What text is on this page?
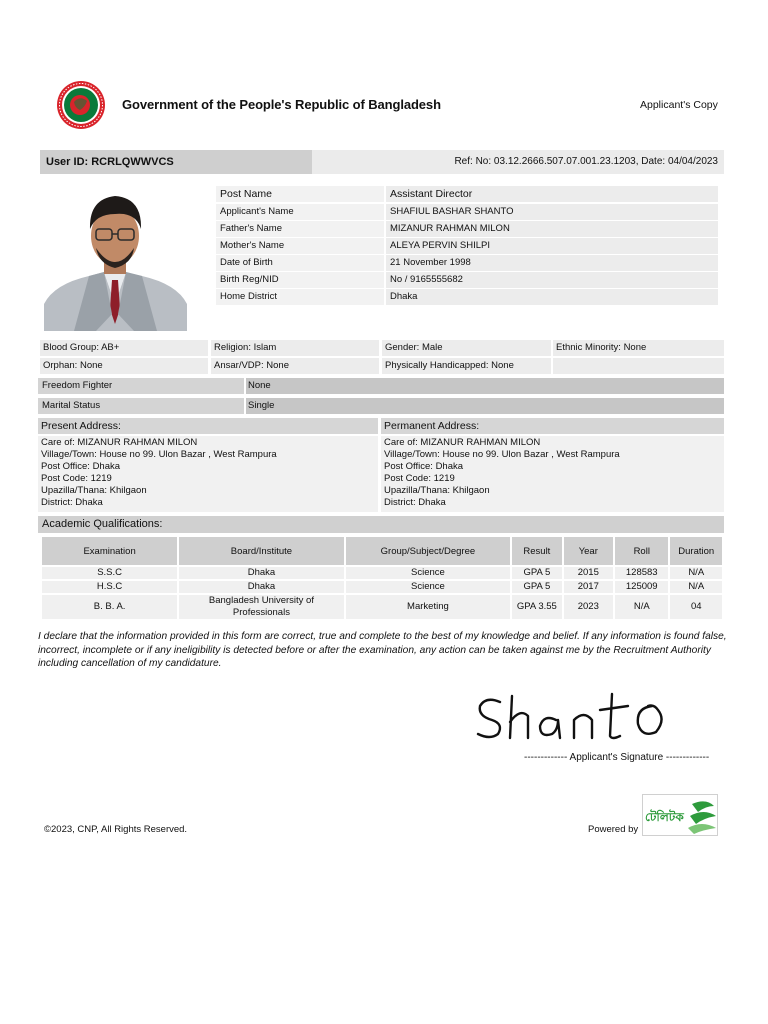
Government of the People's Republic of Bangladesh	Applicant's Copy
User ID: RCRLQWWVCS	Ref: No: 03.12.2666.507.07.001.23.1203, Date: 04/04/2023
Post Name	Assistant Director
Applicant's Name	SHAFIUL BASHAR SHANTO
Father's Name	MIZANUR RAHMAN MILON
Mother's Name	ALEYA PERVIN SHILPI
Date of Birth	21 November 1998
Birth Reg/NID	No / 9165555682
Home District	Dhaka
Blood Group: AB+	Religion: Islam	Gender: Male	Ethnic Minority: None
Orphan: None	Ansar/VDP: None	Physically Handicapped: None
Freedom Fighter	None
Marital Status	Single
Present Address:	Permanent Address:
Care of: MIZANUR RAHMAN MILON
Village/Town: House no 99. Ulon Bazar , West Rampura
Post Office: Dhaka
Post Code: 1219
Upazilla/Thana: Khilgaon
District: Dhaka
Care of: MIZANUR RAHMAN MILON
Village/Town: House no 99. Ulon Bazar , West Rampura
Post Office: Dhaka
Post Code: 1219
Upazilla/Thana: Khilgaon
District: Dhaka
Academic Qualifications:
Examination	Board/Institute	Group/Subject/Degree	Result	Year	Roll	Duration
S.S.C	Dhaka	Science	GPA 5	2015	128583	N/A
H.S.C	Dhaka	Science	GPA 5	2017	125009	N/A
B. B. A.	Bangladesh University of Professionals	Marketing	GPA 3.55	2023	N/A	04
I declare that the information provided in this form are correct, true and complete to the best of my knowledge and belief. If any information is found false, incorrect, incomplete or if any ineligibility is detected before or after the examination, any action can be taken against me by the Recruitment Authority including cancellation of my candidature.
------------- Applicant's Signature -------------
©2023, CNP, All Rights Reserved.	Powered by
টেলিটক
